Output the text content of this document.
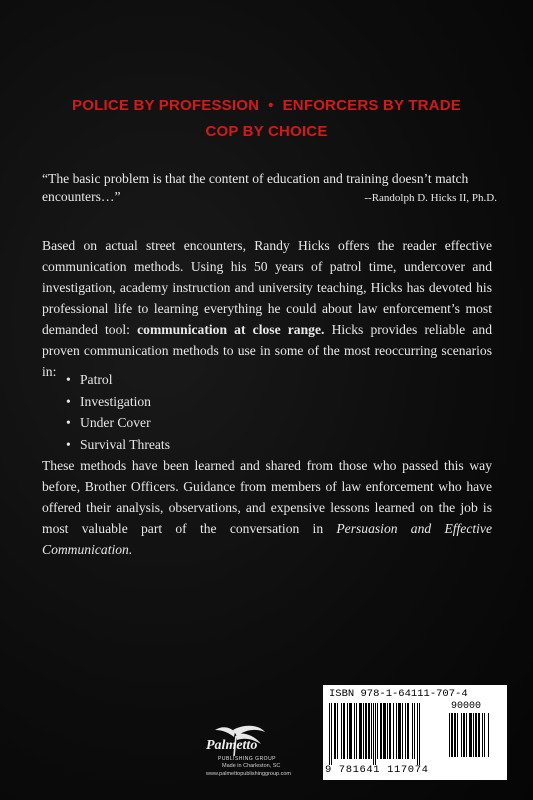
POLICE BY PROFESSION • ENFORCERS BY TRADE
COP BY CHOICE
“The basic problem is that the content of education and training doesn’t match encounters…”	--Randolph D. Hicks II, Ph.D.
Based on actual street encounters, Randy Hicks offers the reader effective communication methods. Using his 50 years of patrol time, undercover and investigation, academy instruction and university teaching, Hicks has devoted his professional life to learning everything he could about law enforcement’s most demanded tool: communication at close range. Hicks provides reliable and proven communication methods to use in some of the most reoccurring scenarios in:
• Patrol
• Investigation
• Under Cover
• Survival Threats
These methods have been learned and shared from those who passed this way before, Brother Officers. Guidance from members of law enforcement who have offered their analysis, observations, and expensive lessons learned on the job is most valuable part of the conversation in Persuasion and Effective Communication.
Palmetto
PUBLISHING GROUP
Made in Charleston, SC
www.palmettopublishinggroup.com
ISBN 978-1-64111-707-4
90000
9 781641 117074
